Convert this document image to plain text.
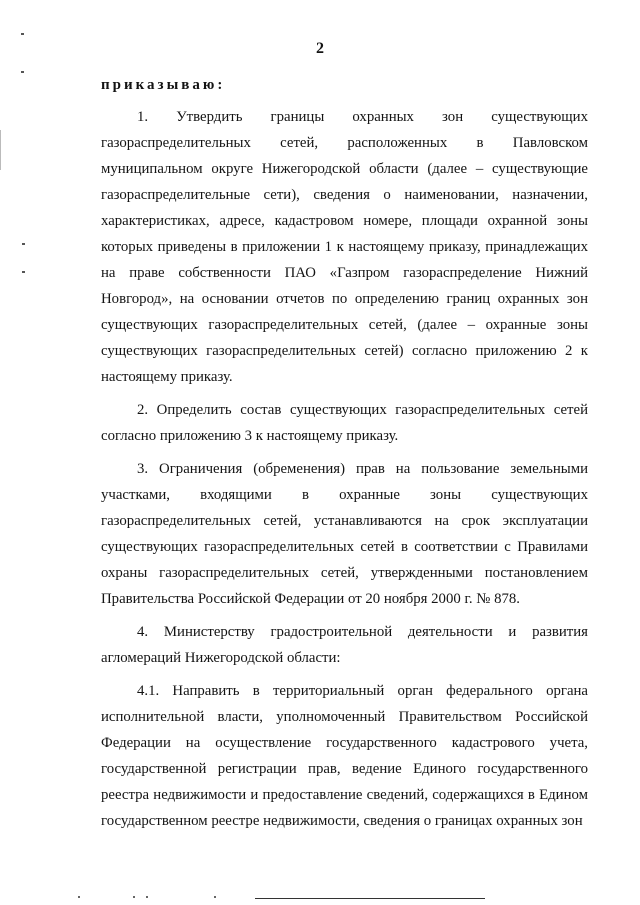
2
приказываю:

1. Утвердить границы охранных зон существующих газораспределительных сетей, расположенных в Павловском муниципальном округе Нижегородской области (далее – существующие газораспределительные сети), сведения о наименовании, назначении, характеристиках, адресе, кадастровом номере, площади охранной зоны которых приведены в приложении 1 к настоящему приказу, принадлежащих на праве собственности ПАО «Газпром газораспределение Нижний Новгород», на основании отчетов по определению границ охранных зон существующих газораспределительных сетей, (далее – охранные зоны существующих газораспределительных сетей) согласно приложению 2 к настоящему приказу.

2. Определить состав существующих газораспределительных сетей согласно приложению 3 к настоящему приказу.

3. Ограничения (обременения) прав на пользование земельными участками, входящими в охранные зоны существующих газораспределительных сетей, устанавливаются на срок эксплуатации существующих газораспределительных сетей в соответствии с Правилами охраны газораспределительных сетей, утвержденными постановлением Правительства Российской Федерации от 20 ноября 2000 г. № 878.

4. Министерству градостроительной деятельности и развития агломераций Нижегородской области:

4.1. Направить в территориальный орган федерального органа исполнительной власти, уполномоченный Правительством Российской Федерации на осуществление государственного кадастрового учета, государственной регистрации прав, ведение Единого государственного реестра недвижимости и предоставление сведений, содержащихся в Едином государственном реестре недвижимости, сведения о границах охранных зон
